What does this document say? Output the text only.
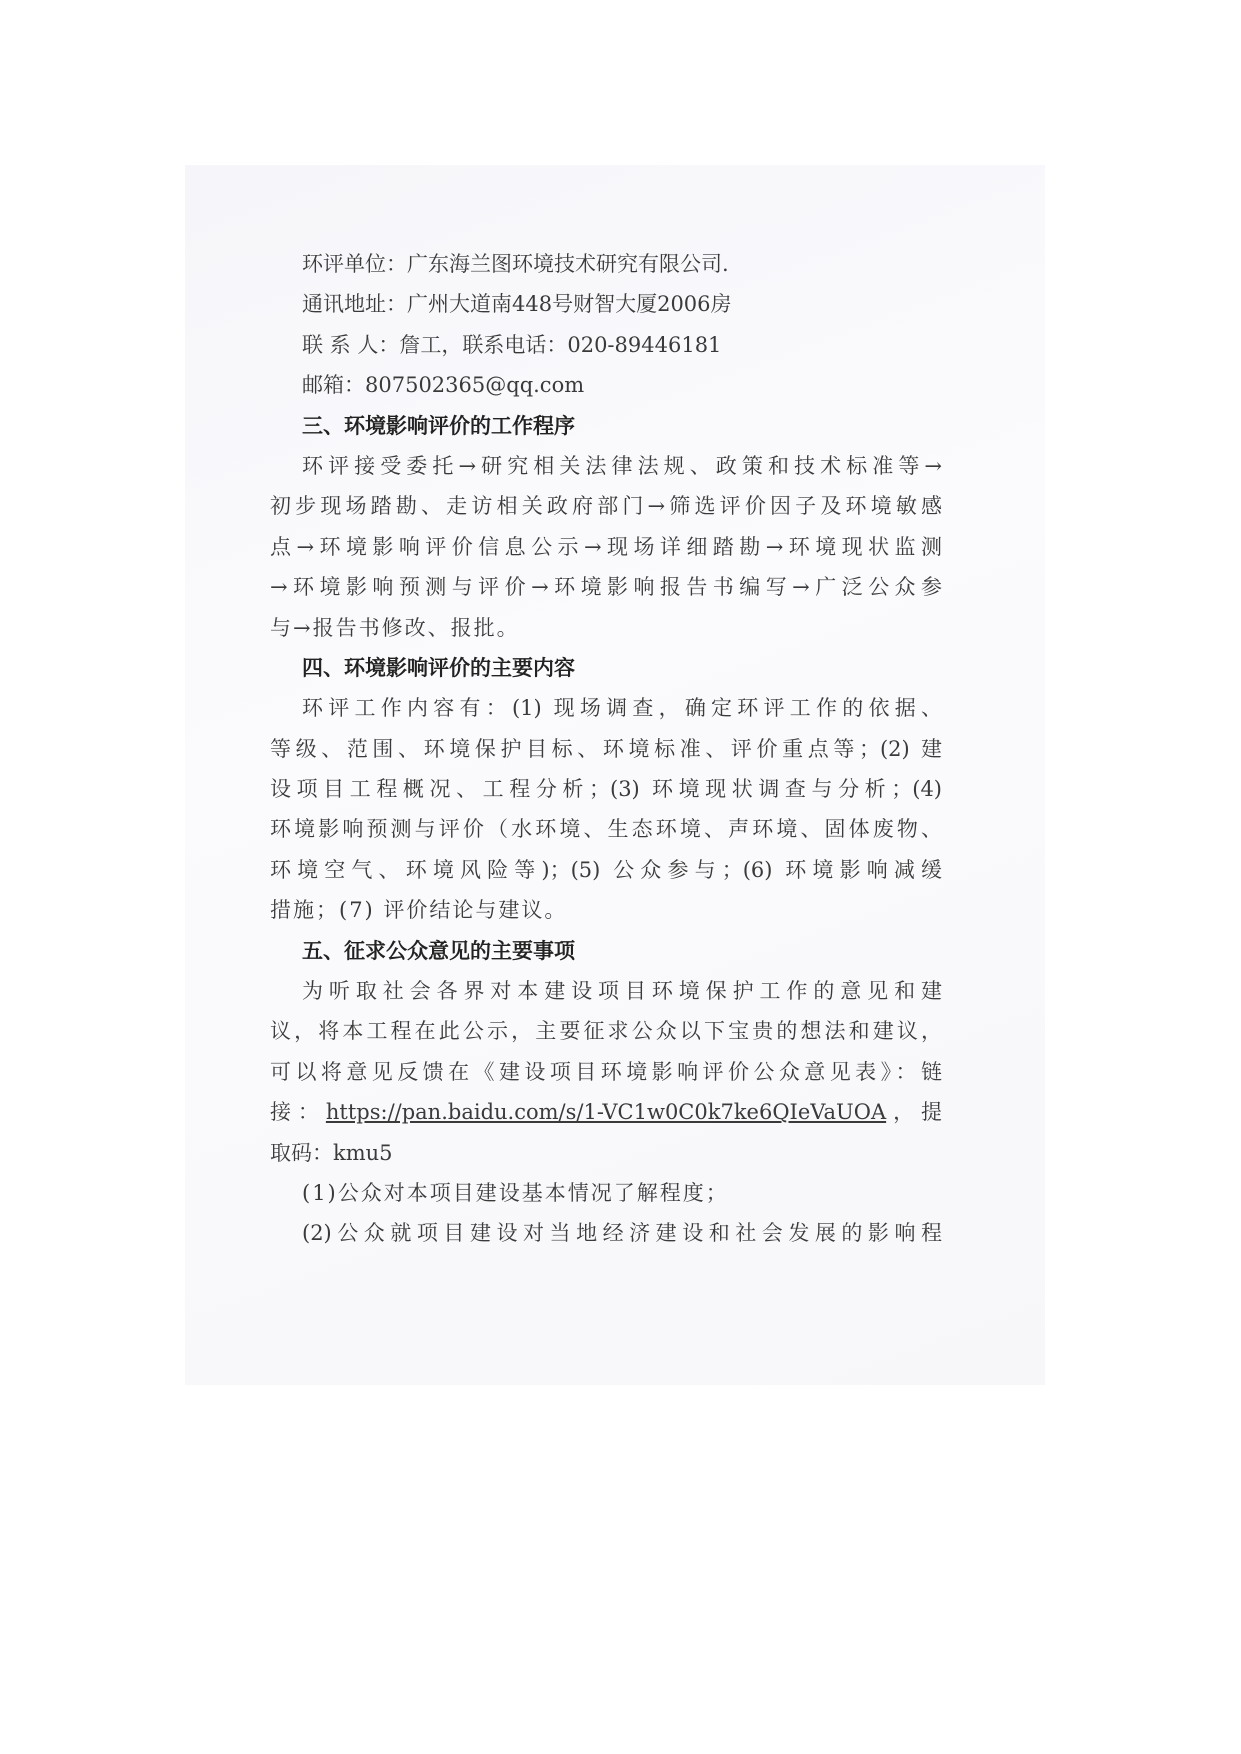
环评单位：广东海兰图环境技术研究有限公司.
通讯地址：广州大道南448号财智大厦2006房
联 系 人：詹工，联系电话：020-89446181
邮箱：807502365@qq.com
三、环境影响评价的工作程序
环评接受委托→研究相关法律法规、政策和技术标准等→
初步现场踏勘、走访相关政府部门→筛选评价因子及环境敏感
点→环境影响评价信息公示→现场详细踏勘→环境现状监测
→环境影响预测与评价→环境影响报告书编写→广泛公众参
与→报告书修改、报批。
四、环境影响评价的主要内容
环评工作内容有：(1) 现场调查，确定环评工作的依据、
等级、范围、环境保护目标、环境标准、评价重点等；(2) 建
设项目工程概况、工程分析；(3) 环境现状调查与分析；(4)
环境影响预测与评价（水环境、生态环境、声环境、固体废物、
环境空气、环境风险等)；(5) 公众参与；(6) 环境影响减缓
措施；(7) 评价结论与建议。
五、征求公众意见的主要事项
为听取社会各界对本建设项目环境保护工作的意见和建
议，将本工程在此公示，主要征求公众以下宝贵的想法和建议，
可以将意见反馈在《建设项目环境影响评价公众意见表》：链
接：https://pan.baidu.com/s/1-VC1w0C0k7ke6QIeVaUOA，提
取码：kmu5
(1)公众对本项目建设基本情况了解程度；
(2)公众就项目建设对当地经济建设和社会发展的影响程
